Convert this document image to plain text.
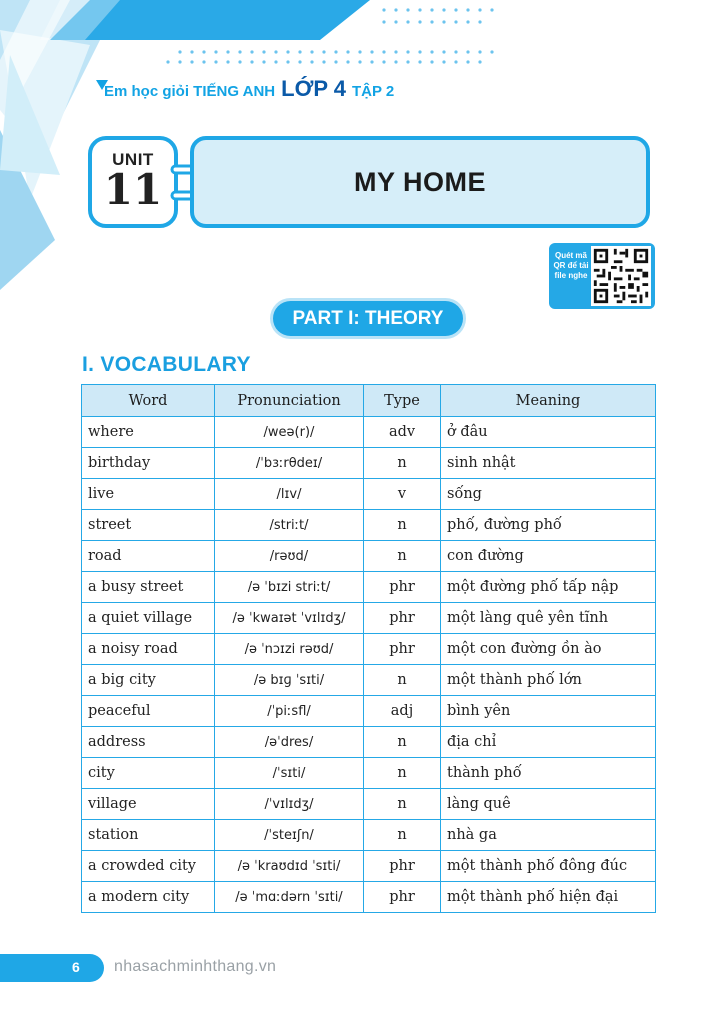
Em học giỏi TIẾNG ANH LỚP 4 TẬP 2
UNIT
11	MY HOME
Quét mã QR để tải file nghe
PART I: THEORY
I. VOCABULARY
Word	Pronunciation	Type	Meaning
where	/weə(r)/	adv	ở đâu
birthday	/ˈbɜːrθdeɪ/	n	sinh nhật
live	/lɪv/	v	sống
street	/striːt/	n	phố, đường phố
road	/rəʊd/	n	con đường
a busy street	/ə ˈbɪzi striːt/	phr	một đường phố tấp nập
a quiet village	/ə ˈkwaɪət ˈvɪlɪdʒ/	phr	một làng quê yên tĩnh
a noisy road	/ə ˈnɔɪzi rəʊd/	phr	một con đường ồn ào
a big city	/ə bɪɡ ˈsɪti/	n	một thành phố lớn
peaceful	/ˈpiːsfl/	adj	bình yên
address	/əˈdres/	n	địa chỉ
city	/ˈsɪti/	n	thành phố
village	/ˈvɪlɪdʒ/	n	làng quê
station	/ˈsteɪʃn/	n	nhà ga
a crowded city	/ə ˈkraʊdɪd ˈsɪti/	phr	một thành phố đông đúc
a modern city	/ə ˈmɑːdərn ˈsɪti/	phr	một thành phố hiện đại
6 nhasachminhthang.vn
